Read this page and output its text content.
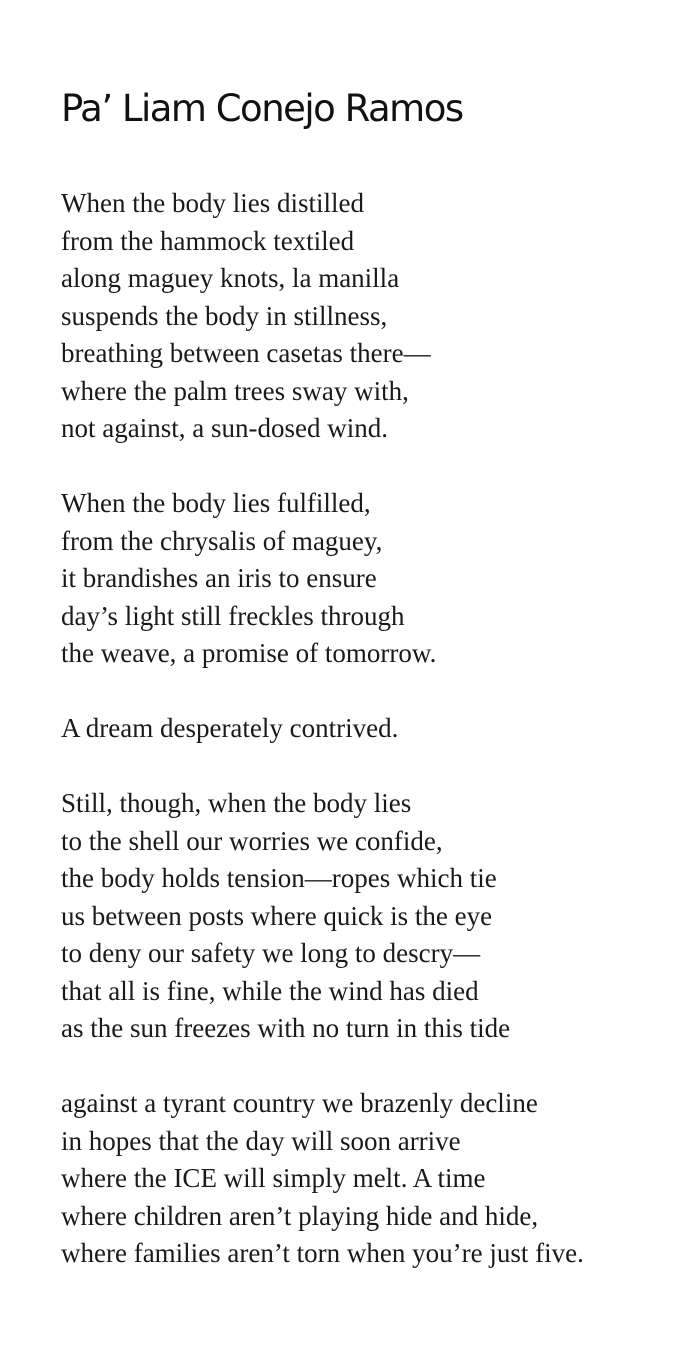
Pa’ Liam Conejo Ramos
When the body lies distilled
from the hammock textiled
along maguey knots, la manilla
suspends the body in stillness,
breathing between casetas there—
where the palm trees sway with,
not against, a sun-dosed wind.
When the body lies fulfilled,
from the chrysalis of maguey,
it brandishes an iris to ensure
day’s light still freckles through
the weave, a promise of tomorrow.
A dream desperately contrived.
Still, though, when the body lies
to the shell our worries we confide,
the body holds tension—ropes which tie
us between posts where quick is the eye
to deny our safety we long to descry—
that all is fine, while the wind has died
as the sun freezes with no turn in this tide
against a tyrant country we brazenly decline
in hopes that the day will soon arrive
where the ICE will simply melt. A time
where children aren’t playing hide and hide,
where families aren’t torn when you’re just five.
